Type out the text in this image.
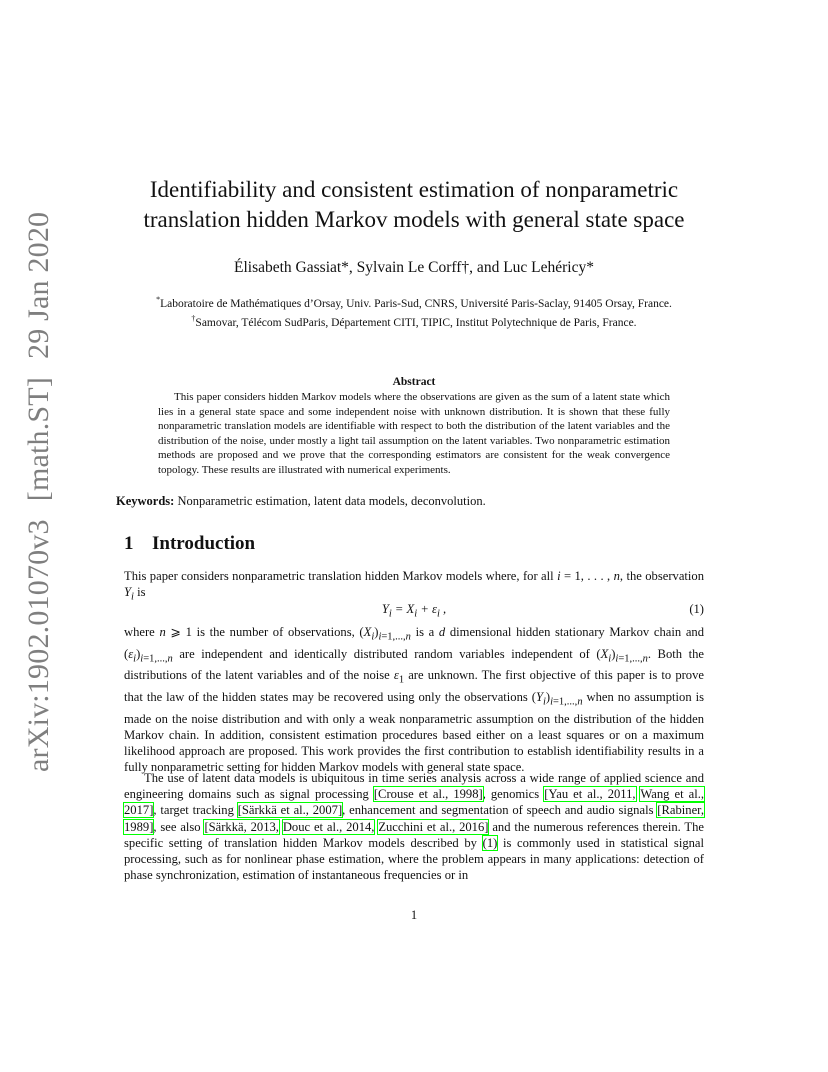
arXiv:1902.01070v3[math.ST]29 Jan 2020
Identifiability and consistent estimation of nonparametric translation hidden Markov models with general state space
Élisabeth Gassiat*, Sylvain Le Corff†, and Luc Lehéricy*
*Laboratoire de Mathématiques d’Orsay, Univ. Paris-Sud, CNRS, Université Paris-Saclay, 91405 Orsay, France.
†Samovar, Télécom SudParis, Département CITI, TIPIC, Institut Polytechnique de Paris, France.
Abstract

This paper considers hidden Markov models where the observations are given as the sum of a latent state which lies in a general state space and some independent noise with unknown distribution. It is shown that these fully nonparametric translation models are identifiable with respect to both the distribution of the latent variables and the distribution of the noise, under mostly a light tail assumption on the latent variables. Two nonparametric estimation methods are proposed and we prove that the corresponding estimators are consistent for the weak convergence topology. These results are illustrated with numerical experiments.

Keywords: Nonparametric estimation, latent data models, deconvolution.
1 Introduction

This paper considers nonparametric translation hidden Markov models where, for all i = 1, . . . , n, the observation $Y_i$ is

$Y_i = X_i + \varepsilon_i$ ,	(1)

where n ⩾ 1 is the number of observations, $(X_i)_{i=1,...,n}$ is a d dimensional hidden stationary Markov chain and $(\varepsilon_i)_{i=1,...,n}$ are independent and identically distributed random variables independent of $(X_i)_{i=1,...,n}$. Both the distributions of the latent variables and of the noise $\varepsilon_1$ are unknown. The first objective of this paper is to prove that the law of the hidden states may be recovered using only the observations $(Y_i)_{i=1,...,n}$ when no assumption is made on the noise distribution and with only a weak nonparametric assumption on the distribution of the hidden Markov chain. In addition, consistent estimation procedures based either on a least squares or on a maximum likelihood approach are proposed. This work provides the first contribution to establish identifiability results in a fully nonparametric setting for hidden Markov models with general state space.

The use of latent data models is ubiquitous in time series analysis across a wide range of applied science and engineering domains such as signal processing [Crouse et al., 1998], genomics [Yau et al., 2011, Wang et al., 2017], target tracking [Särkkä et al., 2007], enhancement and segmentation of speech and audio signals [Rabiner, 1989], see also [Särkkä, 2013, Douc et al., 2014, Zucchini et al., 2016] and the numerous references therein. The specific setting of translation hidden Markov models described by (1) is commonly used in statistical signal processing, such as for nonlinear phase estimation, where the problem appears in many applications: detection of phase synchronization, estimation of instantaneous frequencies or in

1
